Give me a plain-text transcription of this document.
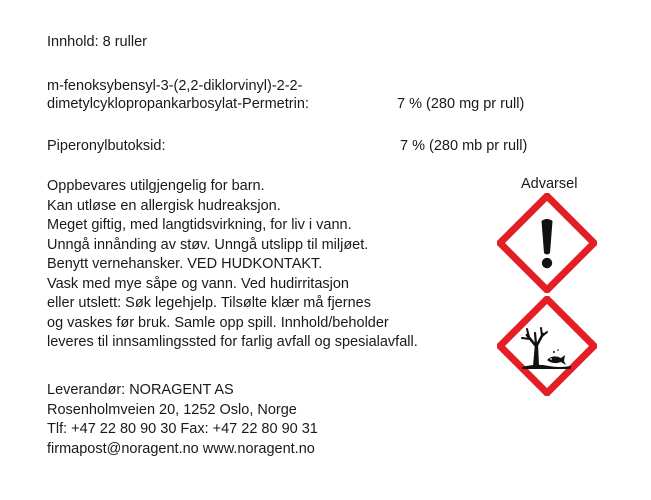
Innhold: 8 ruller
m-fenoksybensyl-3-(2,2-diklorvinyl)-2-2-
dimetylcyklopropankarbosylat-Permetrin:	7 % (280 mg pr rull)
Piperonylbutoksid:	7 % (280 mb pr rull)
Oppbevares utilgjengelig for barn.
Kan utløse en allergisk hudreaksjon.
Meget giftig, med langtidsvirkning, for liv i vann.
Unngå innånding av støv. Unngå utslipp til miljøet.
Benytt vernehansker. VED HUDKONTAKT.
Vask med mye såpe og vann. Ved hudirritasjon
eller utslett: Søk legehjelp. Tilsølte klær må fjernes
og vaskes før bruk. Samle opp spill. Innhold/beholder
leveres til innsamlingssted for farlig avfall og spesialavfall.
Advarsel
Leverandør: NORAGENT AS
Rosenholmveien 20, 1252 Oslo, Norge
Tlf: +47 22 80 90 30 Fax: +47 22 80 90 31
firmapost@noragent.no www.noragent.no
